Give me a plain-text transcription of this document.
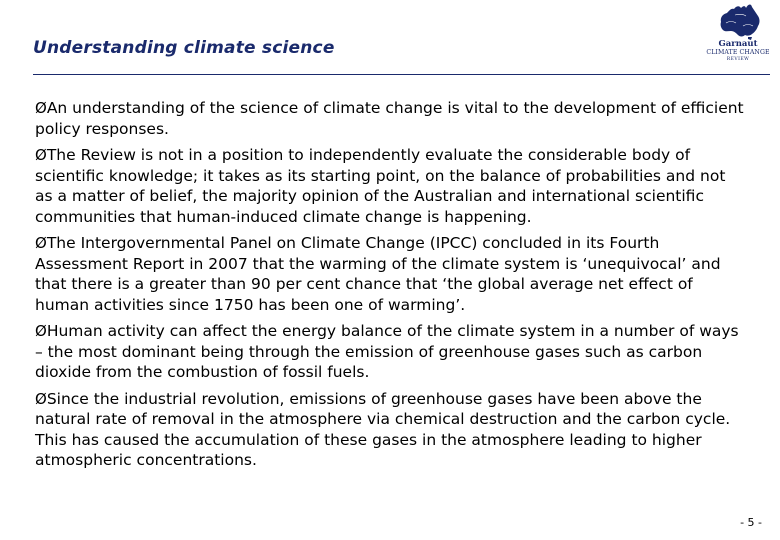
Understanding climate science	Garnaut
CLIMATE CHANGE
REVIEW
ØAn understanding of the science of climate change is vital to the development of efficient policy responses.
ØThe Review is not in a position to independently evaluate the considerable body of scientific knowledge; it takes as its starting point, on the balance of probabilities and not as a matter of belief, the majority opinion of the Australian and international scientific communities that human-induced climate change is happening.
ØThe Intergovernmental Panel on Climate Change (IPCC) concluded in its Fourth Assessment Report in 2007 that the warming of the climate system is ‘unequivocal’ and that there is a greater than 90 per cent chance that ‘the global average net effect of human activities since 1750 has been one of warming’.
ØHuman activity can affect the energy balance of the climate system in a number of ways – the most dominant being through the emission of greenhouse gases such as carbon dioxide from the combustion of fossil fuels.
ØSince the industrial revolution, emissions of greenhouse gases have been above the natural rate of removal in the atmosphere via chemical destruction and the carbon cycle. This has caused the accumulation of these gases in the atmosphere leading to higher atmospheric concentrations.
- 5 -
